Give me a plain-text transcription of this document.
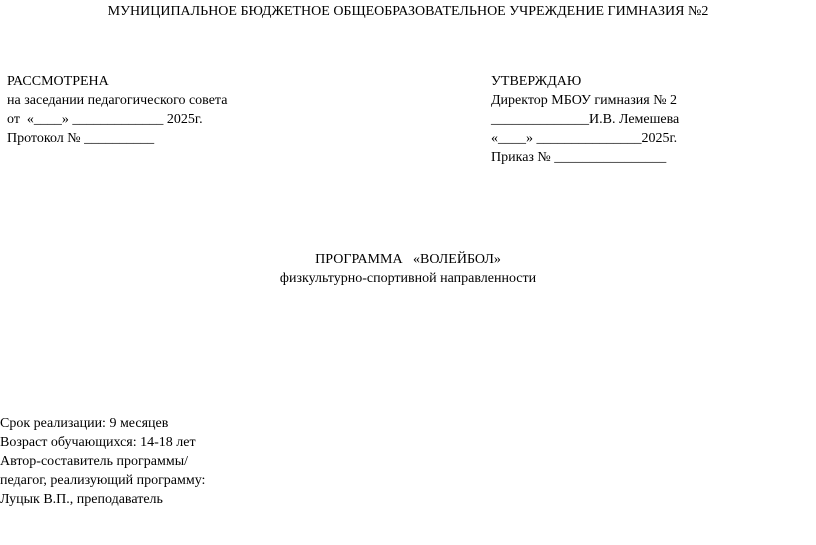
МУНИЦИПАЛЬНОЕ БЮДЖЕТНОЕ ОБЩЕОБРАЗОВАТЕЛЬНОЕ УЧРЕЖДЕНИЕ ГИМНАЗИЯ №2
РАССМОТРЕНА
на заседании педагогического совета
от  «____» _____________ 2025г.
Протокол № __________
УТВЕРЖДАЮ
Директор МБОУ гимназия № 2
______________И.В. Лемешева
«____» _______________2025г.
Приказ № ________________
ПРОГРАММА   «ВОЛЕЙБОЛ»
физкультурно-спортивной направленности
Срок реализации: 9 месяцев
Возраст обучающихся: 14-18 лет
Автор-составитель программы/
педагог, реализующий программу:
Луцык В.П., преподаватель
